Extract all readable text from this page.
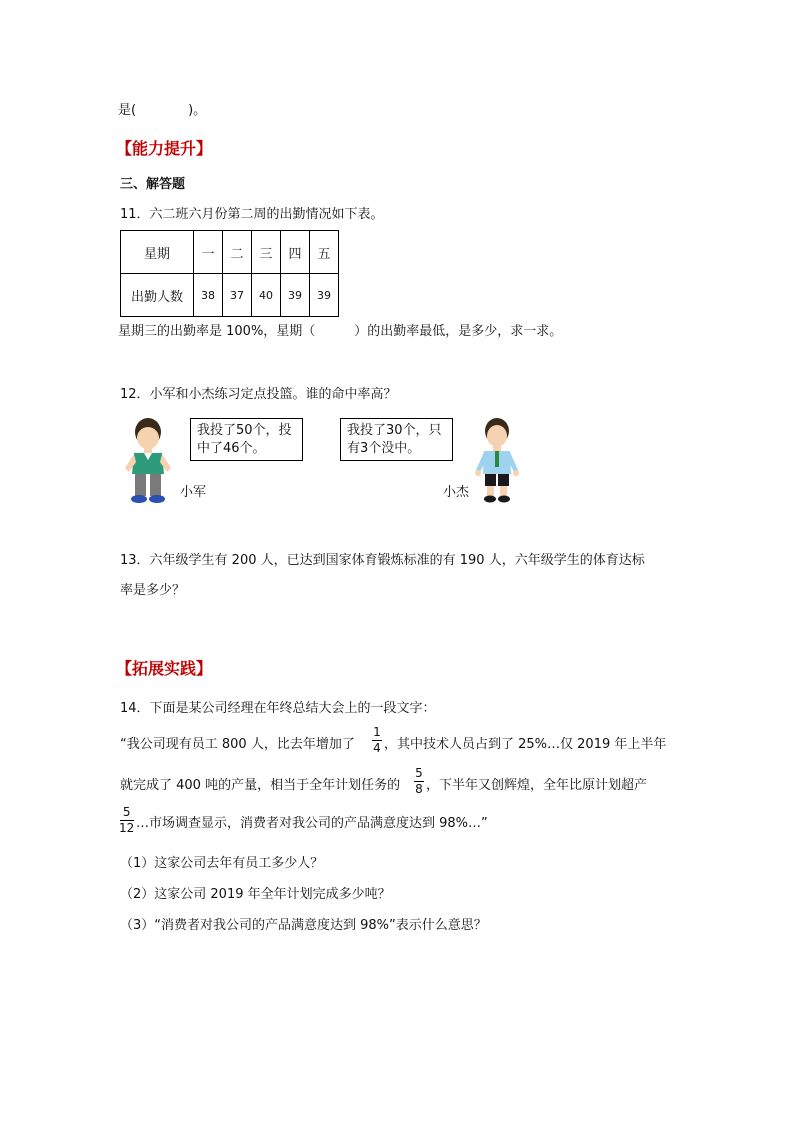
是(　　　　)。
【能力提升】
三、解答题
11．六二班六月份第二周的出勤情况如下表。
星期	一	二	三	四	五
出勤人数	38	37	40	39	39
星期三的出勤率是 100%，星期（　　　）的出勤率最低，是多少，求一求。
12．小军和小杰练习定点投篮。谁的命中率高？
我投了50个，投
中了46个。
小军
我投了30个，只
有3个没中。
小杰
13．六年级学生有 200 人，已达到国家体育锻炼标准的有 190 人，六年级学生的体育达标
率是多少？
【拓展实践】
14．下面是某公司经理在年终总结大会上的一段文字：
“我公司现有员工 800 人，比去年增加了
1
4 ，其中技术人员占到了 25%…仅 2019 年上半年
就完成了 400 吨的产量，相当于全年计划任务的
5
8 ，下半年又创辉煌，全年比原计划超产
5
12 …市场调查显示，消费者对我公司的产品满意度达到 98%…”
（1）这家公司去年有员工多少人？
（2）这家公司 2019 年全年计划完成多少吨？
（3）“消费者对我公司的产品满意度达到 98%”表示什么意思？
